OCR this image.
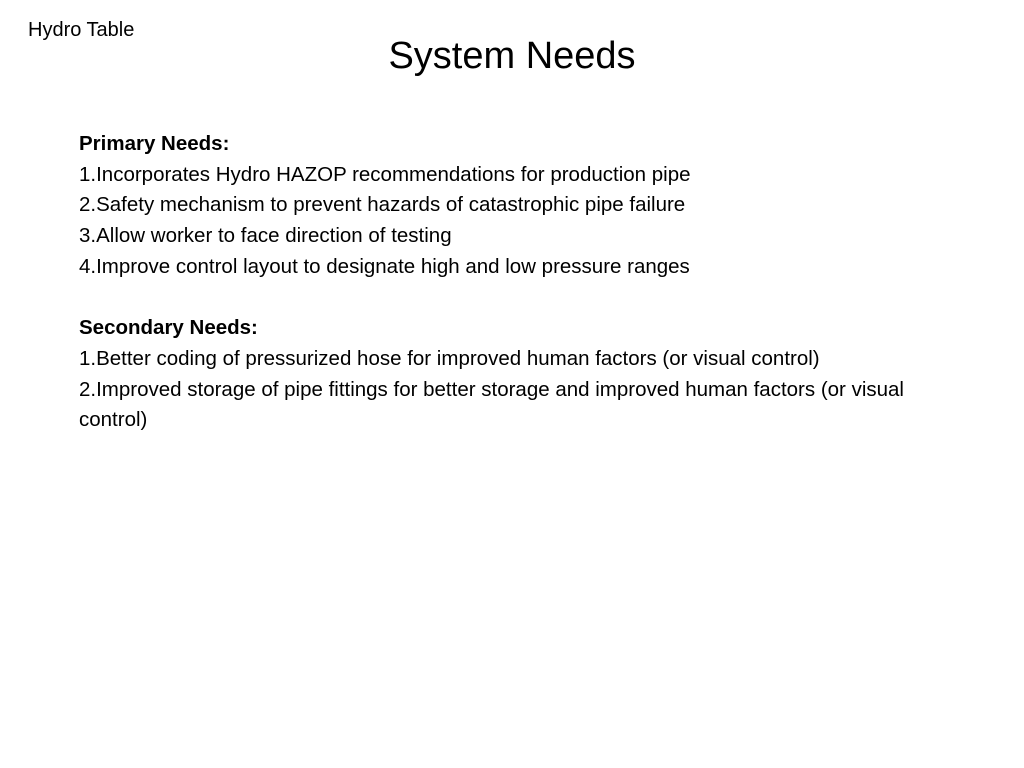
Hydro Table
System Needs
Primary Needs:
1.Incorporates Hydro HAZOP recommendations for production pipe
2.Safety mechanism to prevent hazards of catastrophic pipe failure
3.Allow worker to face direction of testing
4.Improve control layout to designate high and low pressure ranges
Secondary Needs:
1.Better coding of pressurized hose for improved human factors (or visual control)
2.Improved storage of pipe fittings for better storage and improved human factors (or visual control)
